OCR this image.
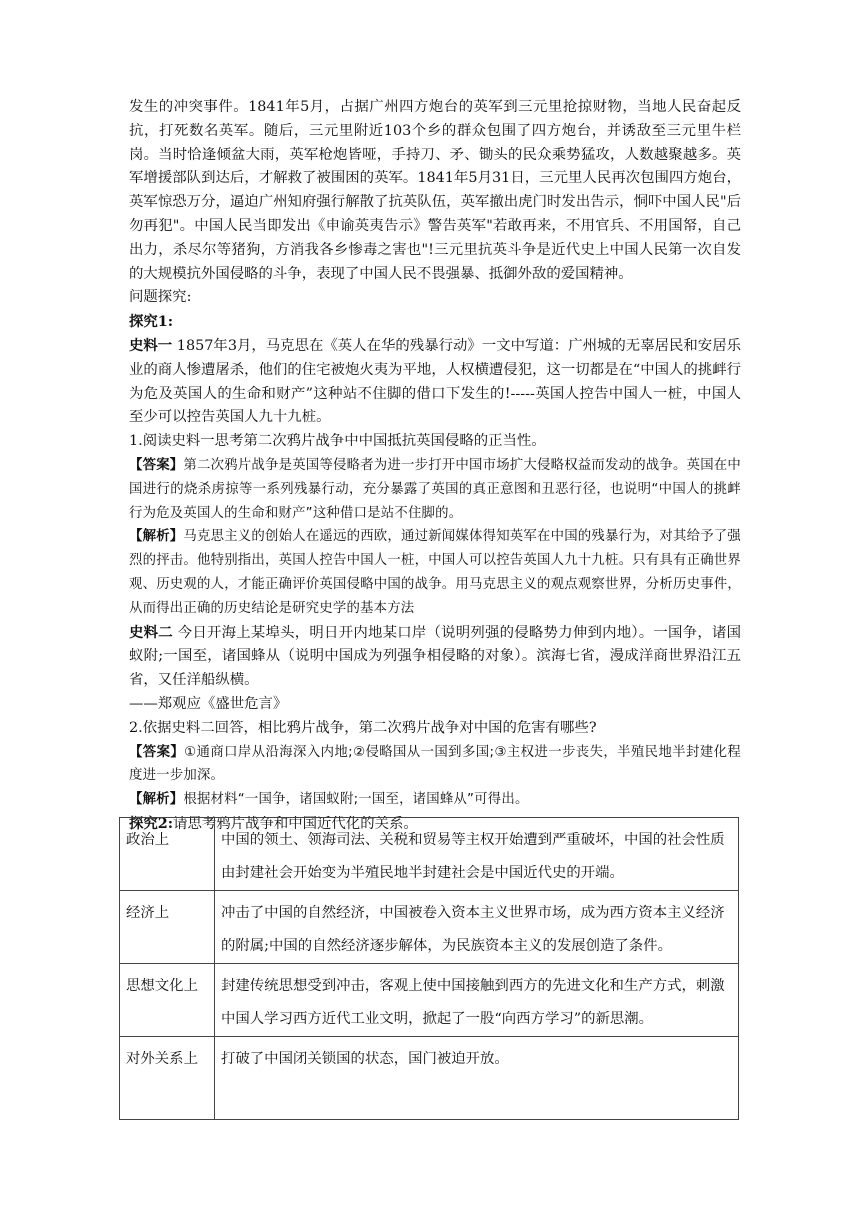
发生的冲突事件。1841年5月，占据广州四方炮台的英军到三元里抢掠财物，当地人民奋起反抗，打死数名英军。随后，三元里附近103个乡的群众包围了四方炮台，并诱敌至三元里牛栏岗。当时恰逢倾盆大雨，英军枪炮皆哑，手持刀、矛、锄头的民众乘势猛攻，人数越聚越多。英军增援部队到达后，才解救了被围困的英军。1841年5月31日，三元里人民再次包围四方炮台，英军惊恐万分，逼迫广州知府强行解散了抗英队伍，英军撤出虎门时发出告示，恫吓中国人民"后勿再犯"。中国人民当即发出《申谕英夷告示》警告英军"若敢再来，不用官兵、不用国帑，自己出力，杀尽尔等猪狗，方消我各乡惨毒之害也"!三元里抗英斗争是近代史上中国人民第一次自发的大规模抗外国侵略的斗争，表现了中国人民不畏强暴、抵御外敌的爱国精神。

问题探究:

探究1:

史料一 1857年3月，马克思在《英人在华的残暴行动》一文中写道：广州城的无辜居民和安居乐业的商人惨遭屠杀，他们的住宅被炮火夷为平地，人权横遭侵犯，这一切都是在“中国人的挑衅行为危及英国人的生命和财产”这种站不住脚的借口下发生的!-----英国人控告中国人一桩，中国人至少可以控告英国人九十九桩。

1.阅读史料一思考第二次鸦片战争中中国抵抗英国侵略的正当性。

【答案】第二次鸦片战争是英国等侵略者为进一步打开中国市场扩大侵略权益而发动的战争。英国在中国进行的烧杀虏掠等一系列残暴行动，充分暴露了英国的真正意图和丑恶行径，也说明“中国人的挑衅行为危及英国人的生命和财产”这种借口是站不住脚的。

【解析】马克思主义的创始人在遥远的西欧，通过新闻媒体得知英军在中国的残暴行为，对其给予了强烈的抨击。他特别指出，英国人控告中国人一桩，中国人可以控告英国人九十九桩。只有具有正确世界观、历史观的人，才能正确评价英国侵略中国的战争。用马克思主义的观点观察世界，分析历史事件，从而得出正确的历史结论是研究史学的基本方法

史料二 今日开海上某埠头，明日开内地某口岸（说明列强的侵略势力伸到内地）。一国争，诸国蚁附;一国至，诸国蜂从（说明中国成为列强争相侵略的对象）。滨海七省，漫成洋商世界沿江五省，又任洋船纵横。

——郑观应《盛世危言》

2.依据史料二回答，相比鸦片战争，第二次鸦片战争对中国的危害有哪些?

【答案】①通商口岸从沿海深入内地;②侵略国从一国到多国;③主权进一步丧失，半殖民地半封建化程度进一步加深。

【解析】根据材料“一国争，诸国蚁附;一国至，诸国蜂从”可得出。

探究2:请思考鸦片战争和中国近代化的关系。

政治上	中国的领土、领海司法、关税和贸易等主权开始遭到严重破坏，中国的社会性质由封建社会开始变为半殖民地半封建社会是中国近代史的开端。
经济上	冲击了中国的自然经济，中国被卷入资本主义世界市场，成为西方资本主义经济的附属;中国的自然经济逐步解体，为民族资本主义的发展创造了条件。
思想文化上	封建传统思想受到冲击，客观上使中国接触到西方的先进文化和生产方式，刺激中国人学习西方近代工业文明，掀起了一股“向西方学习”的新思潮。
对外关系上	打破了中国闭关锁国的状态，国门被迫开放。
